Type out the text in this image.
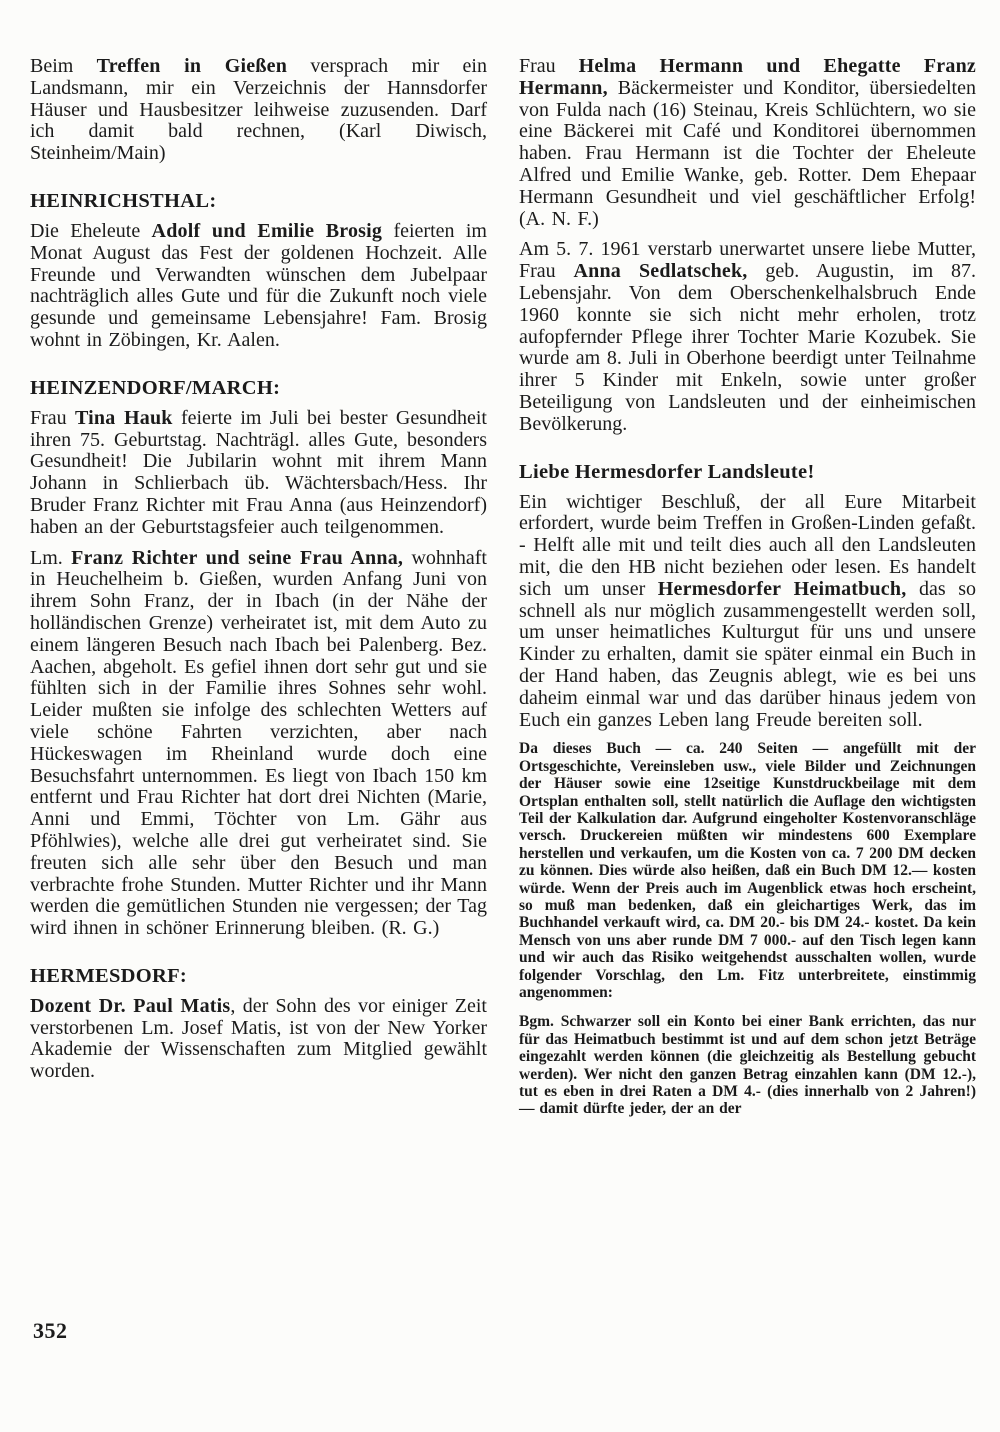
Beim Treffen in Gießen versprach mir ein Landsmann, mir ein Verzeichnis der Hannsdorfer Häuser und Hausbesitzer leihweise zuzusenden. Darf ich damit bald rechnen, (Karl Diwisch, Steinheim/Main)

HEINRICHSTHAL:

Die Eheleute Adolf und Emilie Brosig feierten im Monat August das Fest der goldenen Hochzeit. Alle Freunde und Verwandten wünschen dem Jubelpaar nachträglich alles Gute und für die Zukunft noch viele gesunde und gemeinsame Lebensjahre! Fam. Brosig wohnt in Zöbingen, Kr. Aalen.

HEINZENDORF/MARCH:

Frau Tina Hauk feierte im Juli bei bester Gesundheit ihren 75. Geburtstag. Nachträgl. alles Gute, besonders Gesundheit! Die Jubilarin wohnt mit ihrem Mann Johann in Schlierbach üb. Wächtersbach/Hess. Ihr Bruder Franz Richter mit Frau Anna (aus Heinzendorf) haben an der Geburtstagsfeier auch teilgenommen.

Lm. Franz Richter und seine Frau Anna, wohnhaft in Heuchelheim b. Gießen, wurden Anfang Juni von ihrem Sohn Franz, der in Ibach (in der Nähe der holländischen Grenze) verheiratet ist, mit dem Auto zu einem längeren Besuch nach Ibach bei Palenberg. Bez. Aachen, abgeholt. Es gefiel ihnen dort sehr gut und sie fühlten sich in der Familie ihres Sohnes sehr wohl. Leider mußten sie infolge des schlechten Wetters auf viele schöne Fahrten verzichten, aber nach Hückeswagen im Rheinland wurde doch eine Besuchsfahrt unternommen. Es liegt von Ibach 150 km entfernt und Frau Richter hat dort drei Nichten (Marie, Anni und Emmi, Töchter von Lm. Gähr aus Pföhlwies), welche alle drei gut verheiratet sind. Sie freuten sich alle sehr über den Besuch und man verbrachte frohe Stunden. Mutter Richter und ihr Mann werden die gemütlichen Stunden nie vergessen; der Tag wird ihnen in schöner Erinnerung bleiben. (R. G.)

HERMESDORF:

Dozent Dr. Paul Matis, der Sohn des vor einiger Zeit verstorbenen Lm. Josef Matis, ist von der New Yorker Akademie der Wissenschaften zum Mitglied gewählt worden.

Frau Helma Hermann und Ehegatte Franz Hermann, Bäckermeister und Konditor, übersiedelten von Fulda nach (16) Steinau, Kreis Schlüchtern, wo sie eine Bäckerei mit Café und Konditorei übernommen haben. Frau Hermann ist die Tochter der Eheleute Alfred und Emilie Wanke, geb. Rotter. Dem Ehepaar Hermann Gesundheit und viel geschäftlicher Erfolg! (A. N. F.)

Am 5. 7. 1961 verstarb unerwartet unsere liebe Mutter, Frau Anna Sedlatschek, geb. Augustin, im 87. Lebensjahr. Von dem Oberschenkelhalsbruch Ende 1960 konnte sie sich nicht mehr erholen, trotz aufopfernder Pflege ihrer Tochter Marie Kozubek. Sie wurde am 8. Juli in Oberhone beerdigt unter Teilnahme ihrer 5 Kinder mit Enkeln, sowie unter großer Beteiligung von Landsleuten und der einheimischen Bevölkerung.

Liebe Hermesdorfer Landsleute!

Ein wichtiger Beschluß, der all Eure Mitarbeit erfordert, wurde beim Treffen in Großen-Linden gefaßt. - Helft alle mit und teilt dies auch all den Landsleuten mit, die den HB nicht beziehen oder lesen. Es handelt sich um unser Hermesdorfer Heimatbuch, das so schnell als nur möglich zusammengestellt werden soll, um unser heimatliches Kulturgut für uns und unsere Kinder zu erhalten, damit sie später einmal ein Buch in der Hand haben, das Zeugnis ablegt, wie es bei uns daheim einmal war und das darüber hinaus jedem von Euch ein ganzes Leben lang Freude bereiten soll.

Da dieses Buch — ca. 240 Seiten — angefüllt mit der Ortsgeschichte, Vereinsleben usw., viele Bilder und Zeichnungen der Häuser sowie eine 12seitige Kunstdruckbeilage mit dem Ortsplan enthalten soll, stellt natürlich die Auflage den wichtigsten Teil der Kalkulation dar. Aufgrund eingeholter Kostenvoranschläge versch. Druckereien müßten wir mindestens 600 Exemplare herstellen und verkaufen, um die Kosten von ca. 7 200 DM decken zu können. Dies würde also heißen, daß ein Buch DM 12.— kosten würde. Wenn der Preis auch im Augenblick etwas hoch erscheint, so muß man bedenken, daß ein gleichartiges Werk, das im Buchhandel verkauft wird, ca. DM 20.- bis DM 24.- kostet. Da kein Mensch von uns aber runde DM 7 000.- auf den Tisch legen kann und wir auch das Risiko weitgehendst ausschalten wollen, wurde folgender Vorschlag, den Lm. Fitz unterbreitete, einstimmig angenommen:

Bgm. Schwarzer soll ein Konto bei einer Bank errichten, das nur für das Heimatbuch bestimmt ist und auf dem schon jetzt Beträge eingezahlt werden können (die gleichzeitig als Bestellung gebucht werden). Wer nicht den ganzen Betrag einzahlen kann (DM 12.-), tut es eben in drei Raten a DM 4.- (dies innerhalb von 2 Jahren!) — damit dürfte jeder, der an der

352
